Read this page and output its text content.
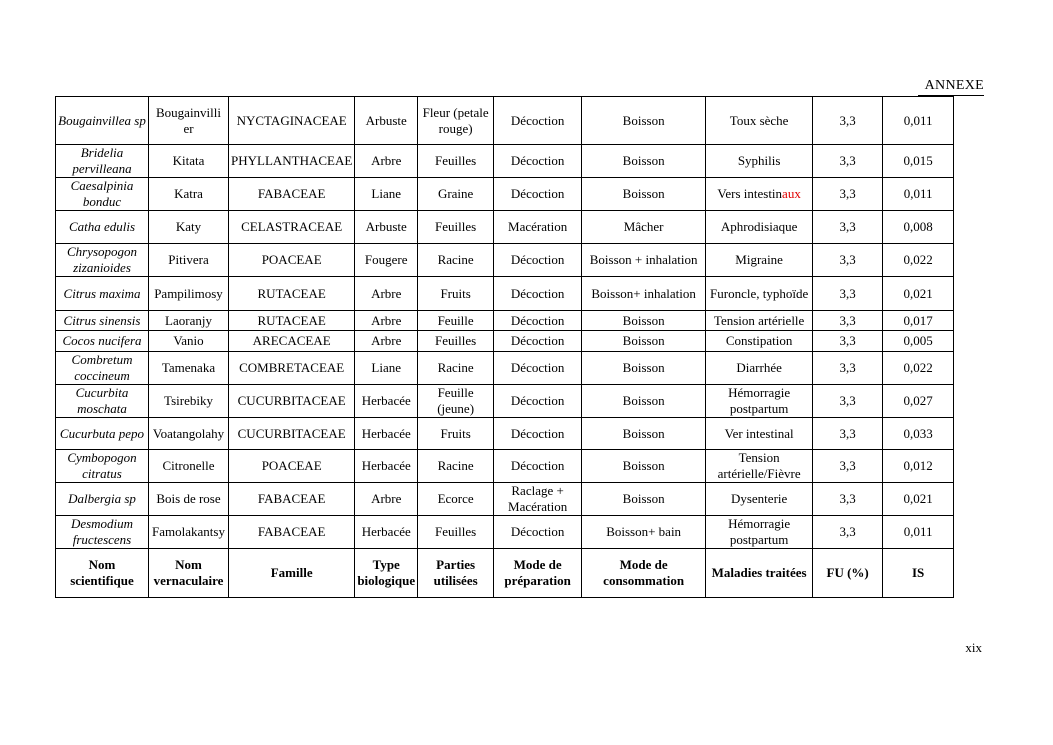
ANNEXE
Bougainvillea sp	Bougainvilli er	NYCTAGINACEAE	Arbuste	Fleur (petale rouge)	Décoction	Boisson	Toux sèche	3,3	0,011
Bridelia pervilleana	Kitata	PHYLLANTHACEAE	Arbre	Feuilles	Décoction	Boisson	Syphilis	3,3	0,015
Caesalpinia bonduc	Katra	FABACEAE	Liane	Graine	Décoction	Boisson	Vers intestinaux	3,3	0,011
Catha edulis	Katy	CELASTRACEAE	Arbuste	Feuilles	Macération	Mâcher	Aphrodisiaque	3,3	0,008
Chrysopogon zizanioides	Pitivera	POACEAE	Fougere	Racine	Décoction	Boisson + inhalation	Migraine	3,3	0,022
Citrus maxima	Pampilimosy	RUTACEAE	Arbre	Fruits	Décoction	Boisson+ inhalation	Furoncle, typhoïde	3,3	0,021
Citrus sinensis	Laoranjy	RUTACEAE	Arbre	Feuille	Décoction	Boisson	Tension artérielle	3,3	0,017
Cocos nucifera	Vanio	ARECACEAE	Arbre	Feuilles	Décoction	Boisson	Constipation	3,3	0,005
Combretum coccineum	Tamenaka	COMBRETACEAE	Liane	Racine	Décoction	Boisson	Diarrhée	3,3	0,022
Cucurbita moschata	Tsirebiky	CUCURBITACEAE	Herbacée	Feuille (jeune)	Décoction	Boisson	Hémorragie postpartum	3,3	0,027
Cucurbuta pepo	Voatangolahy	CUCURBITACEAE	Herbacée	Fruits	Décoction	Boisson	Ver intestinal	3,3	0,033
Cymbopogon citratus	Citronelle	POACEAE	Herbacée	Racine	Décoction	Boisson	Tension artérielle/Fièvre	3,3	0,012
Dalbergia sp	Bois de rose	FABACEAE	Arbre	Ecorce	Raclage + Macération	Boisson	Dysenterie	3,3	0,021
Desmodium fructescens	Famolakantsy	FABACEAE	Herbacée	Feuilles	Décoction	Boisson+ bain	Hémorragie postpartum	3,3	0,011
Nom scientifique	Nom vernaculaire	Famille	Type biologique	Parties utilisées	Mode de préparation	Mode de consommation	Maladies traitées	FU (%)	IS
xix
